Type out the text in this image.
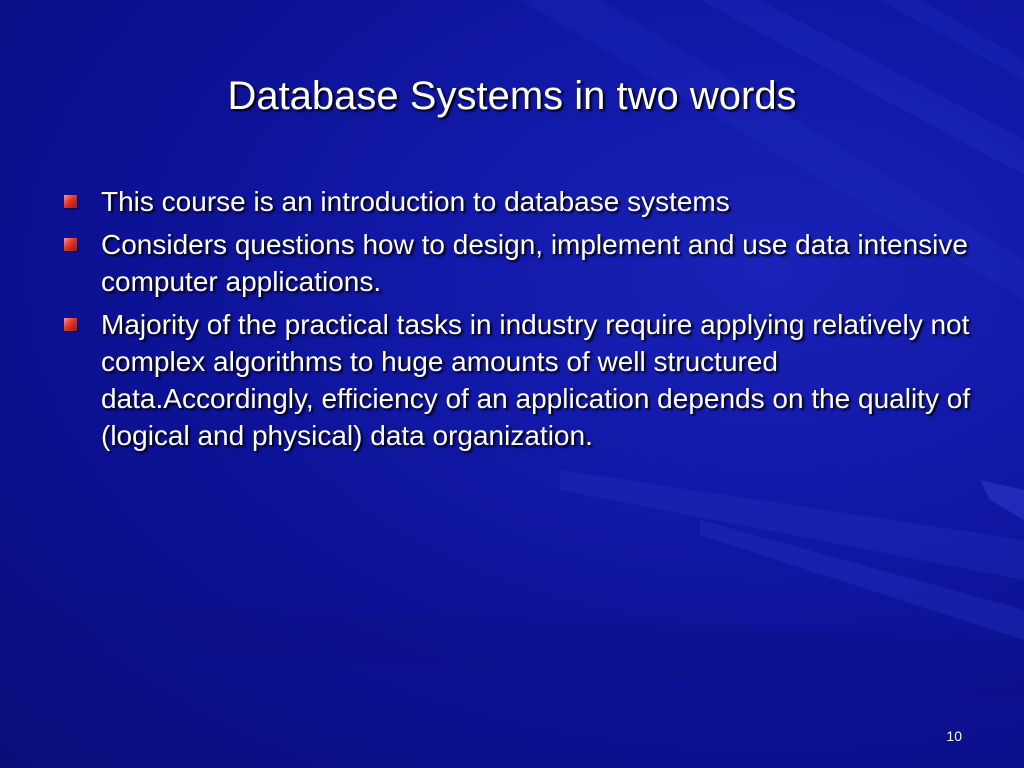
Database Systems in two words
This course is an introduction to database systems
Considers questions how to design, implement and use data intensive computer applications.
Majority of the practical tasks in industry require applying relatively not complex algorithms to huge amounts of well structured data.Accordingly, efficiency of an application depends on the quality of (logical and physical) data organization.
10
